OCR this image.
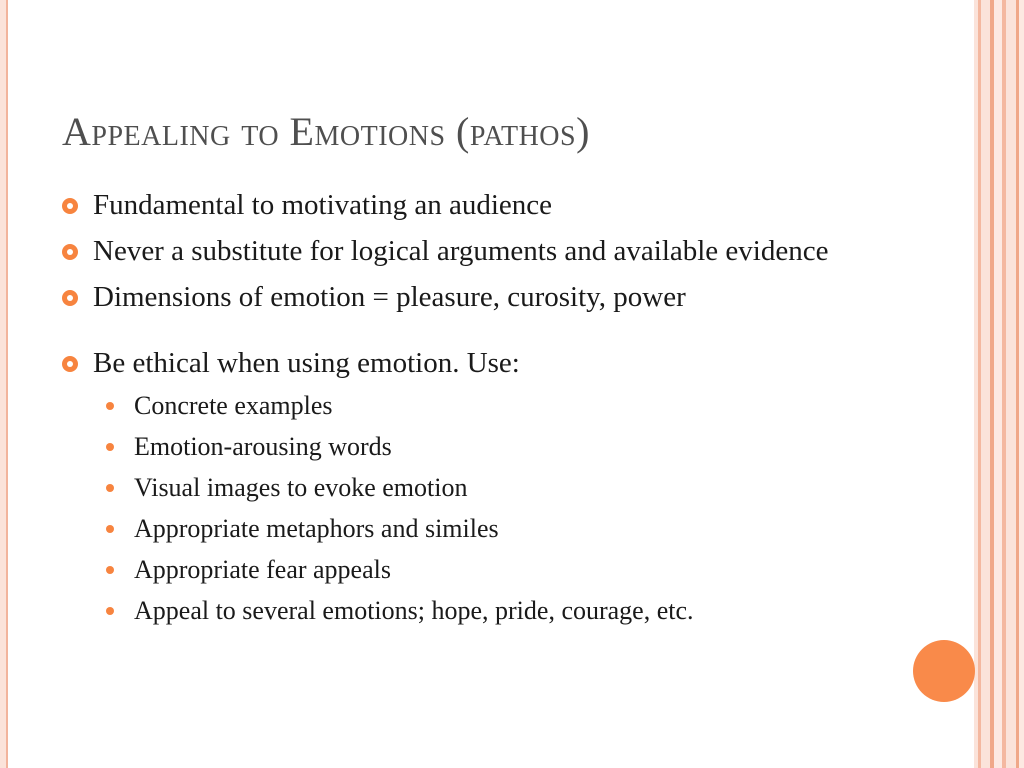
Appealing to Emotions (pathos)
Fundamental to motivating an audience
Never a substitute for logical arguments and available evidence
Dimensions of emotion = pleasure, curosity, power
Be ethical when using emotion. Use:
Concrete examples
Emotion-arousing words
Visual images to evoke emotion
Appropriate metaphors and similes
Appropriate fear appeals
Appeal to several emotions; hope, pride, courage, etc.
